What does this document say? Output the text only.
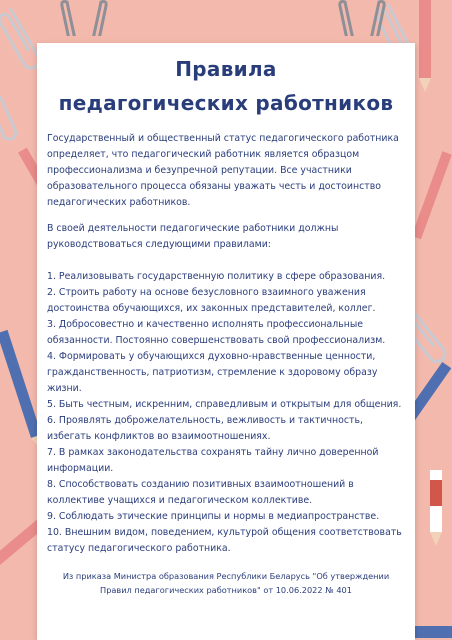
Правила
педагогических работников

Государственный и общественный статус педагогического работника определяет, что педагогический работник является образцом профессионализма и безупречной репутации. Все участники образовательного процесса обязаны уважать честь и достоинство педагогических работников.

В своей деятельности педагогические работники должны руководствоваться следующими правилами:

1. Реализовывать государственную политику в сфере образования.
2. Строить работу на основе безусловного взаимного уважения достоинства обучающихся, их законных представителей, коллег.
3. Добросовестно и качественно исполнять профессиональные обязанности. Постоянно совершенствовать свой профессионализм.
4. Формировать у обучающихся духовно-нравственные ценности, гражданственность, патриотизм, стремление к здоровому образу жизни.
5. Быть честным, искренним, справедливым и открытым для общения.
6. Проявлять доброжелательность, вежливость и тактичность, избегать конфликтов во взаимоотношениях.
7. В рамках законодательства сохранять тайну лично доверенной информации.
8. Способствовать созданию позитивных взаимоотношений в коллективе учащихся и педагогическом коллективе.
9. Соблюдать этические принципы и нормы в медиапространстве.
10. Внешним видом, поведением, культурой общения соответствовать статусу педагогического работника.
Из приказа Министра образования Республики Беларусь "Об утверждении Правил педагогических работников" от 10.06.2022 № 401
